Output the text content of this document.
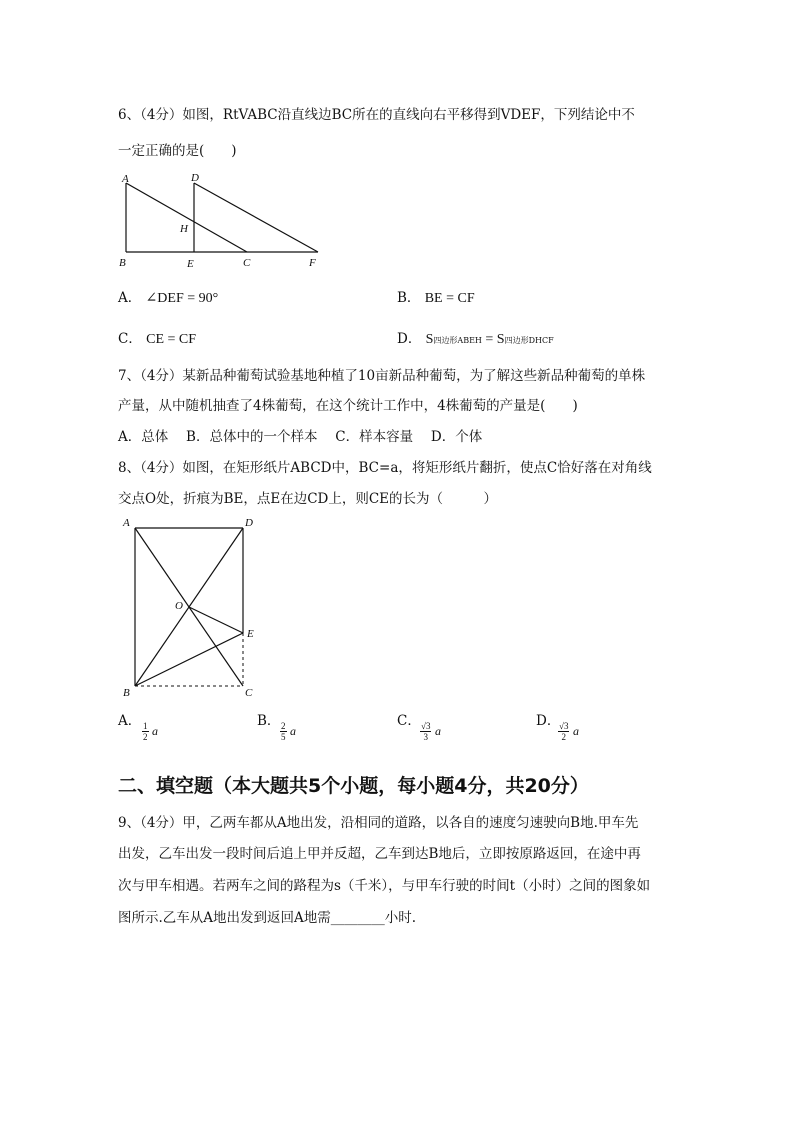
6、（4分）如图，RtVABC沿直线边BC所在的直线向右平移得到VDEF，下列结论中不
一定正确的是(　　)
A	D
H
B	E	C	F
A． ∠DEF = 90°	B． BE = CF
C． CE = CF	D． S四边形ABEH = S四边形DHCF
7、（4分）某新品种葡萄试验基地种植了10亩新品种葡萄，为了解这些新品种葡萄的单株
产量，从中随机抽查了4株葡萄，在这个统计工作中，4株葡萄的产量是(　　)
A．总体　 B．总体中的一个样本　 C．样本容量　 D．个体
8、（4分）如图，在矩形纸片ABCD中，BC=a，将矩形纸片翻折，使点C恰好落在对角线
交点O处，折痕为BE，点E在边CD上，则CE的长为（　　　）
A	D
O
E
B	C
A． $\frac{1}{2}$ a
B． $\frac{2}{5}$ a
C． $\frac{√3}{3}$ a
D．
$\frac{√3}{2}$ a
二、填空题（本大题共5个小题，每小题4分，共20分）
9、（4分）甲，乙两车都从A地出发，沿相同的道路，以各自的速度匀速驶向B地.甲车先
出发，乙车出发一段时间后追上甲并反超，乙车到达B地后，立即按原路返回，在途中再
次与甲车相遇。若两车之间的路程为s（千米），与甲车行驶的时间t（小时）之间的图象如
图所示.乙车从A地出发到返回A地需________小时.
